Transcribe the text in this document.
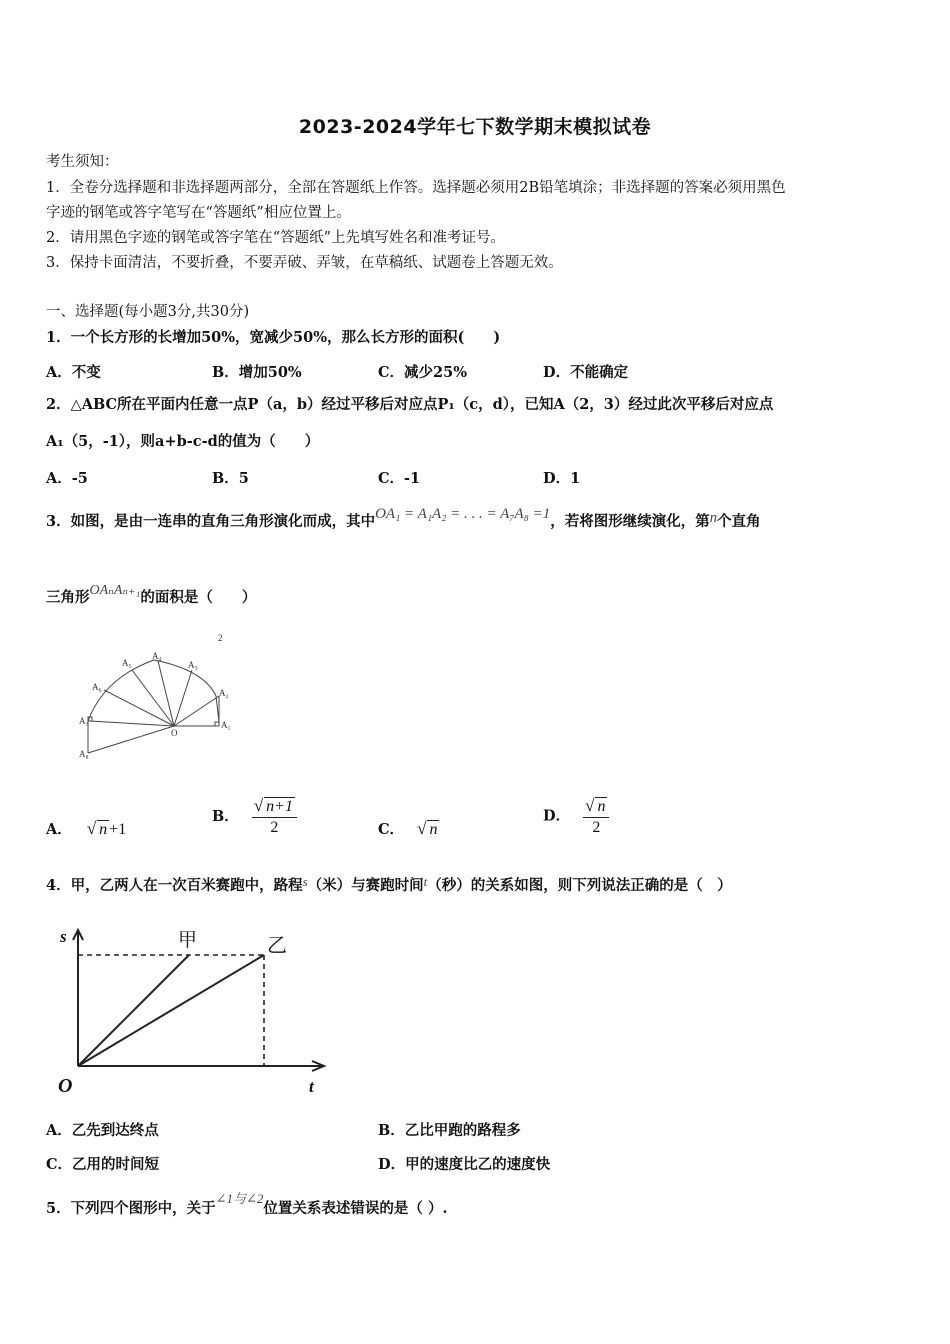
2023-2024学年七下数学期末模拟试卷
考生须知：
1．全卷分选择题和非选择题两部分，全部在答题纸上作答。选择题必须用2B铅笔填涂；非选择题的答案必须用黑色
字迹的钢笔或答字笔写在“答题纸”相应位置上。
2．请用黑色字迹的钢笔或答字笔在“答题纸”上先填写姓名和准考证号。
3．保持卡面清洁，不要折叠，不要弄破、弄皱，在草稿纸、试题卷上答题无效。
一、选择题(每小题3分,共30分)
1．一个长方形的长增加50%，宽减少50%，那么长方形的面积(　　)
A．不变	B．增加50%	C．减少25%	D．不能确定
2．△ABC所在平面内任意一点P（a，b）经过平移后对应点P₁（c，d），已知A（2，3）经过此次平移后对应点
A₁（5，-1），则a+b-c-d的值为（　　）
A．-5	B．5	C．-1	D．1
3．如图，是由一连串的直角三角形演化而成，其中OA₁ = A₁A₂ = . . . = A₇A₈ =1，若将图形继续演化，第n个直角
三角形OAₙAₙ₊₁的面积是（　　）
A₁
A₂
A₃
A₄
A₅
A₆
A₇
A₈
O
2
A． √ n +1
B． $\frac{√ n+1}{2}$	C． √ n
D． $\frac{√ n}{2}$
4．甲，乙两人在一次百米赛跑中，路程s（米）与赛跑时间t（秒）的关系如图，则下列说法正确的是（　）
s
t
O
甲	乙
A．乙先到达终点	B．乙比甲跑的路程多
C．乙用的时间短	D．甲的速度比乙的速度快
5．下列四个图形中，关于∠1与∠2位置关系表述错误的是（ ）.
